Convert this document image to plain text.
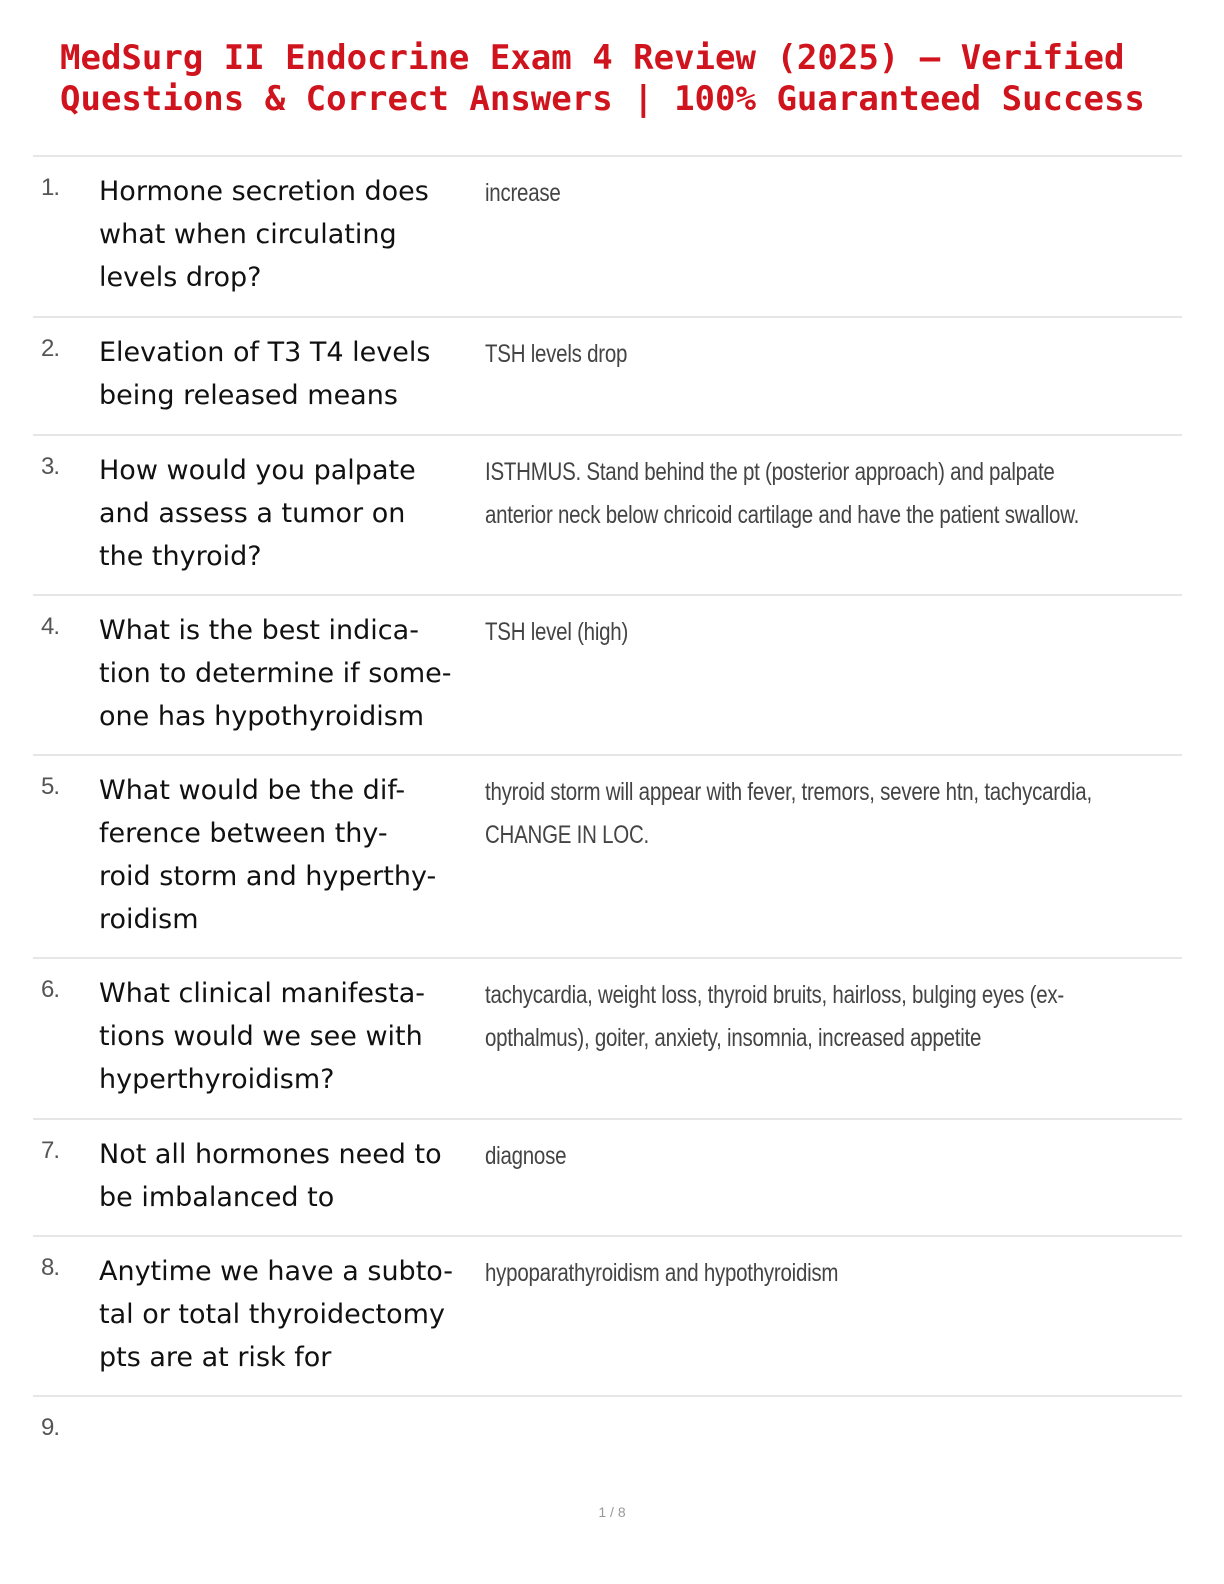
MedSurg II Endocrine Exam 4 Review (2025) – Verified
Questions & Correct Answers | 100% Guaranteed Success
1. Hormone secretion does
what when circulating
levels drop?
increase
2. Elevation of T3 T4 levels
being released means
TSH levels drop
3. How would you palpate
and assess a tumor on
the thyroid?
ISTHMUS. Stand behind the pt (posterior approach) and palpate
anterior neck below chricoid cartilage and have the patient swallow.
4. What is the best indica-
tion to determine if some-
one has hypothyroidism
TSH level (high)
5. What would be the dif-
ference between thy-
roid storm and hyperthy-
roidism
thyroid storm will appear with fever, tremors, severe htn, tachycardia,
CHANGE IN LOC.
6. What clinical manifesta-
tions would we see with
hyperthyroidism?
tachycardia, weight loss, thyroid bruits, hairloss, bulging eyes (ex-
opthalmus), goiter, anxiety, insomnia, increased appetite
7. Not all hormones need to
be imbalanced to
diagnose
8. Anytime we have a subto-
tal or total thyroidectomy
pts are at risk for
hypoparathyroidism and hypothyroidism
9.
1 / 8
